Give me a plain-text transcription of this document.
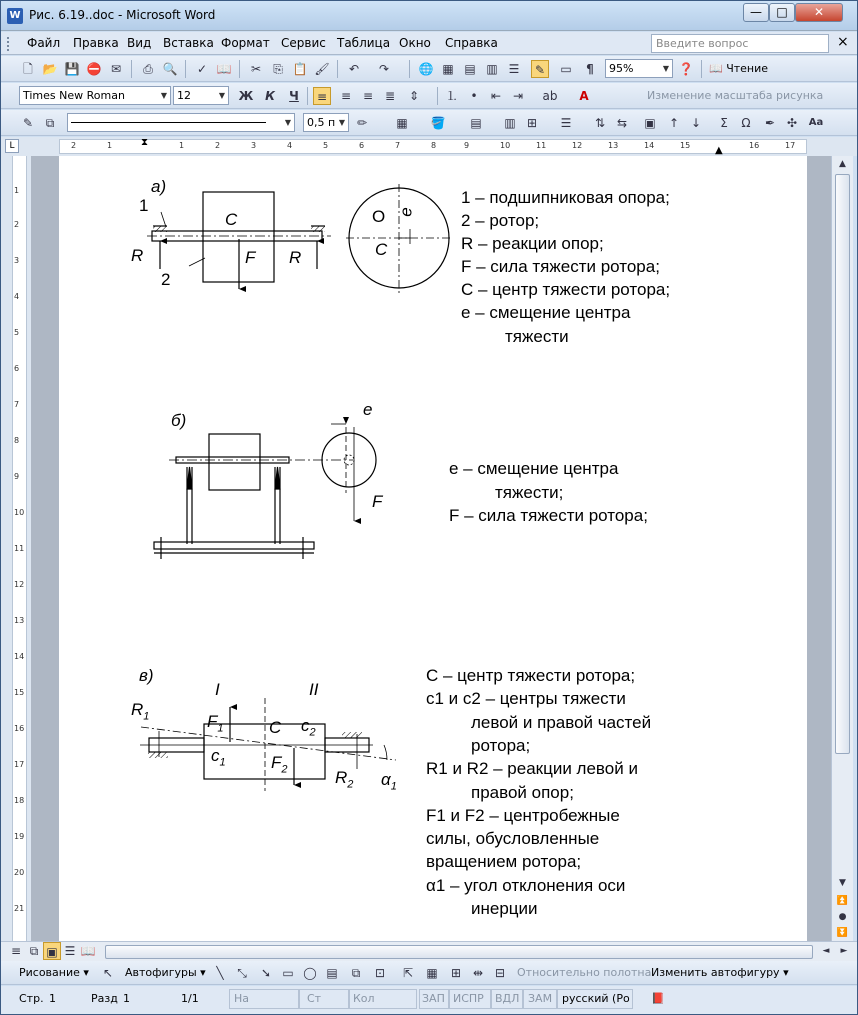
W Рис. 6.19..doc - Microsoft Word	—	□	✕
Файл Правка Вид Вставка Формат Сервис Таблица Окно Справка	Введите вопрос	×
🗋 📂 💾 ⛔ ✉	⎙ 🔍	✓ 📖	✂	⎘ 📋 🖌	↶	↷	🌐 ▦ ▤ ▥ ☰	✎	▭	¶	95%	▼ ❓ 📖 Чтение
Times New Roman	▼ 12	▼ Ж К	Ч	≡	≡ ≡ ≣	⇕	⒈	•	⇤ ⇥	ab	A	Изменение масштаба рисунка
✎	⧉	▼	0,5 п ▼ ✏	▦ 🪣 ▤ ▥ ⊞	☰	⇅ ⇆	▣	↑ ↓	Σ	Ω	✒ ✣	Aa
L	2	1	1	2	3	4	5	6	7	8	9	10	11	12	13	14	15	16	17
⧗
▲
1
2
3
4
5
6
7
8
9
10
11
12
13
14
15
16
17
18
19
20
21
а)
1
2
C
F
R	R
O e
C
1 – подшипниковая опора;
2 – ротор;
R – реакции опор;
F – сила тяжести ротора;
C – центр тяжести ротора;
e – смещение центра
тяжести
б)
e
F
e – смещение центра
тяжести;
F – сила тяжести ротора;
в)
I	II
$R_1$
$R_2$
$F_1$
$F_2$
$c_1$
$c_2$
C
$\alpha_1$
C – центр тяжести ротора;
c1 и c2 – центры тяжести
левой и правой частей
ротора;
R1 и R2 – реакции левой и
правой опор;
F1 и F2 – центробежные
силы, обусловленные
вращением ротора;
α1 – угол отклонения оси
инерции
▲
▼
⏫
●
⏬
≡ ⧉ ▣ ☰ 📖	◄	►
Рисование ▾	↖	Автофигуры ▾ ╲	⤡	➘ ▭ ◯ ▤	⧉	⊡	⇱	▦	⊞ ⇹ ⊟	Относительно полотна Изменить автофигуру ▾
Стр. 1	Разд 1	1/1	На	Ст	Кол	ЗАП ИСПР ВДЛ ЗАМ русский (Ро 📕
